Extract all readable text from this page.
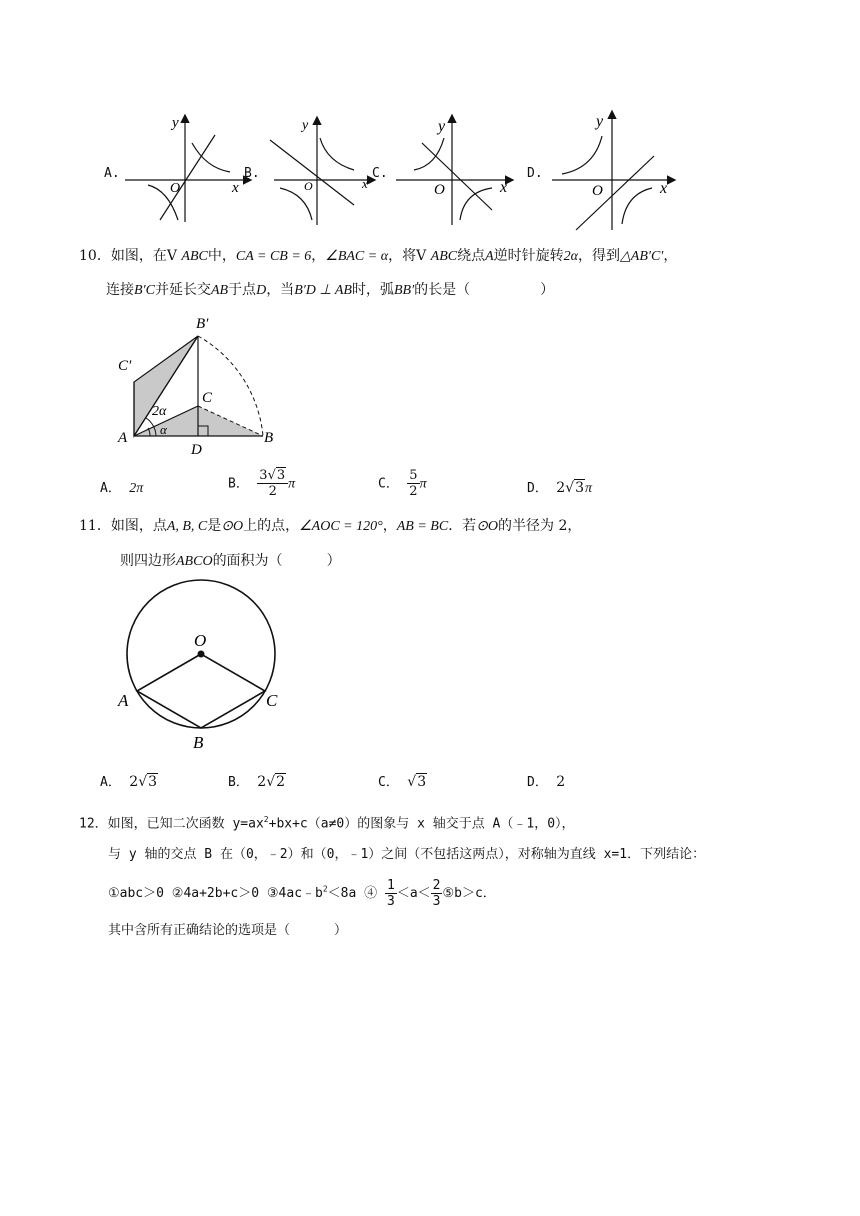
A.
y
x
O
B.
y
x
O
C.
y
x
O
D.
y
x
O
10．如图，在V ABC中，CA = CB = 6，∠BAC = α，将V ABC绕点A逆时针旋转2α，得到△AB′C′，
连接B′C并延长交AB于点D，当B′D ⊥ AB时，弧BB′的长是（	）
B′
C′
C
A
D
B
2α
α
A． 2π	B． $\frac{3√3}{2}$ π	C． $\frac{5}{2}$ π	D． 2√3π
11．如图，点A, B, C是⊙O上的点，∠AOC = 120°，AB = BC．若⊙O的半径为 2，
则四边形ABCO的面积为（	）
O
A
B
C
A． 2√3	B． 2√2	C． √3	D． 2
12．如图，已知二次函数 $y=ax^2+bx+c(a\ne 0)$的图象与 x 轴交于点 A（﹣1，0），
与 y 轴的交点 B 在（0，﹣2）和（0，﹣1）之间（不包括这两点），对称轴为直线 x=1．下列结论：
①abc＞0 ②4a+2b+c＞0 $③4ac﹣b^2<8a$ ④ $\frac{1}{3} <a< \frac{2}{3}$ ⑤b＞c．
其中含所有正确结论的选项是（	）
